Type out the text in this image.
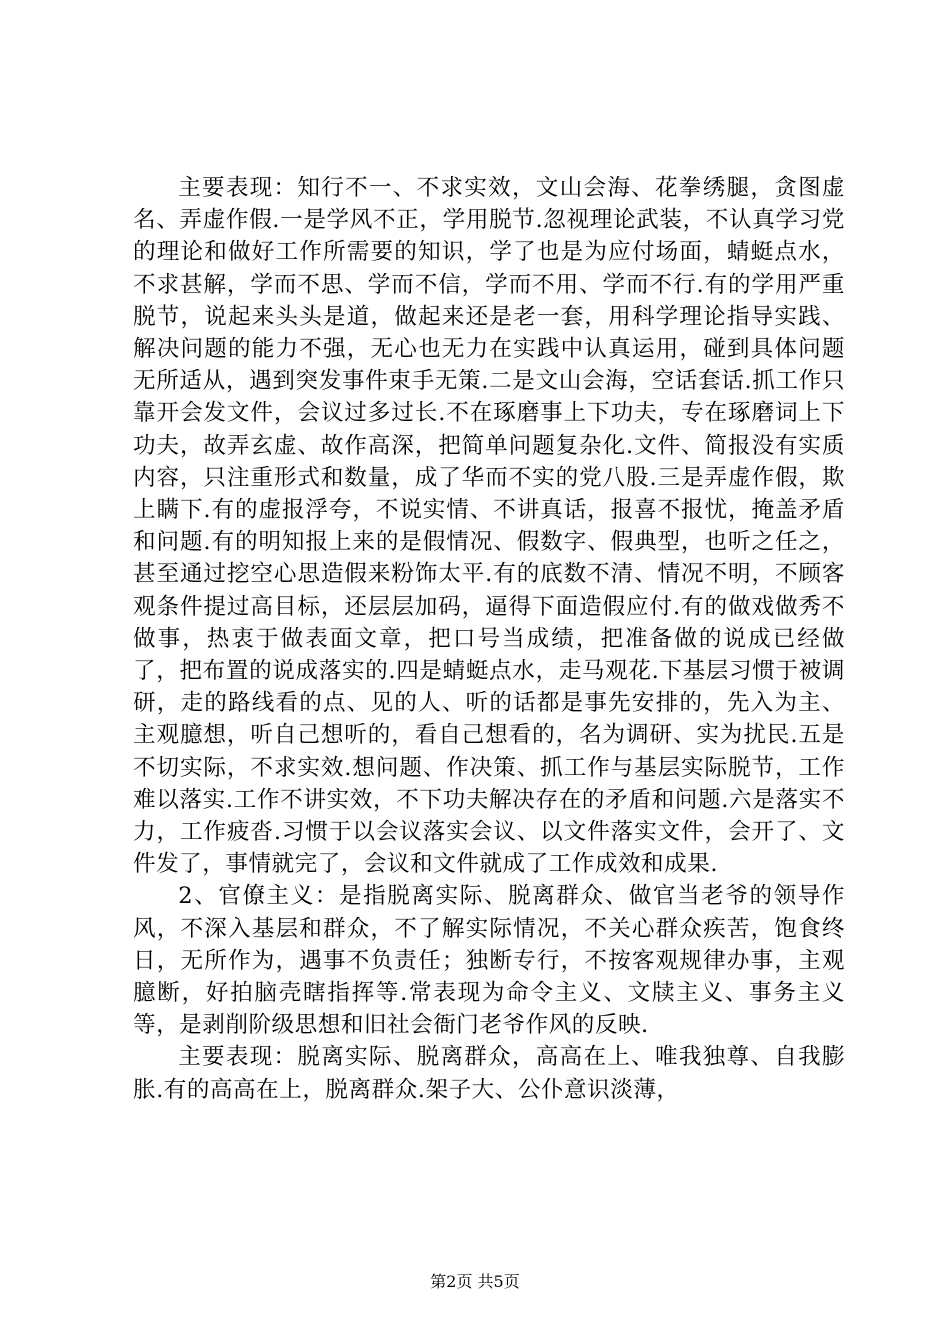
主要表现：知行不一、不求实效，文山会海、花拳绣腿，贪图虚名、弄虚作假.一是学风不正，学用脱节.忽视理论武装，不认真学习党的理论和做好工作所需要的知识，学了也是为应付场面，蜻蜓点水，不求甚解，学而不思、学而不信，学而不用、学而不行.有的学用严重脱节，说起来头头是道，做起来还是老一套，用科学理论指导实践、解决问题的能力不强，无心也无力在实践中认真运用，碰到具体问题无所适从，遇到突发事件束手无策.二是文山会海，空话套话.抓工作只靠开会发文件，会议过多过长.不在琢磨事上下功夫，专在琢磨词上下功夫，故弄玄虚、故作高深，把简单问题复杂化.文件、简报没有实质内容，只注重形式和数量，成了华而不实的党八股.三是弄虚作假，欺上瞒下.有的虚报浮夸，不说实情、不讲真话，报喜不报忧，掩盖矛盾和问题.有的明知报上来的是假情况、假数字、假典型，也听之任之，甚至通过挖空心思造假来粉饰太平.有的底数不清、情况不明，不顾客观条件提过高目标，还层层加码，逼得下面造假应付.有的做戏做秀不做事，热衷于做表面文章，把口号当成绩，把准备做的说成已经做了，把布置的说成落实的.四是蜻蜓点水，走马观花.下基层习惯于被调研，走的路线看的点、见的人、听的话都是事先安排的，先入为主、主观臆想，听自己想听的，看自己想看的，名为调研、实为扰民.五是不切实际，不求实效.想问题、作决策、抓工作与基层实际脱节，工作难以落实.工作不讲实效，不下功夫解决存在的矛盾和问题.六是落实不力，工作疲沓.习惯于以会议落实会议、以文件落实文件，会开了、文件发了，事情就完了，会议和文件就成了工作成效和成果.

2、官僚主义：是指脱离实际、脱离群众、做官当老爷的领导作风，不深入基层和群众，不了解实际情况，不关心群众疾苦，饱食终日，无所作为，遇事不负责任；独断专行，不按客观规律办事，主观臆断，好拍脑壳瞎指挥等.常表现为命令主义、文牍主义、事务主义等，是剥削阶级思想和旧社会衙门老爷作风的反映.

主要表现：脱离实际、脱离群众，高高在上、唯我独尊、自我膨胀.有的高高在上，脱离群众.架子大、公仆意识淡薄，

第2页 共5页
